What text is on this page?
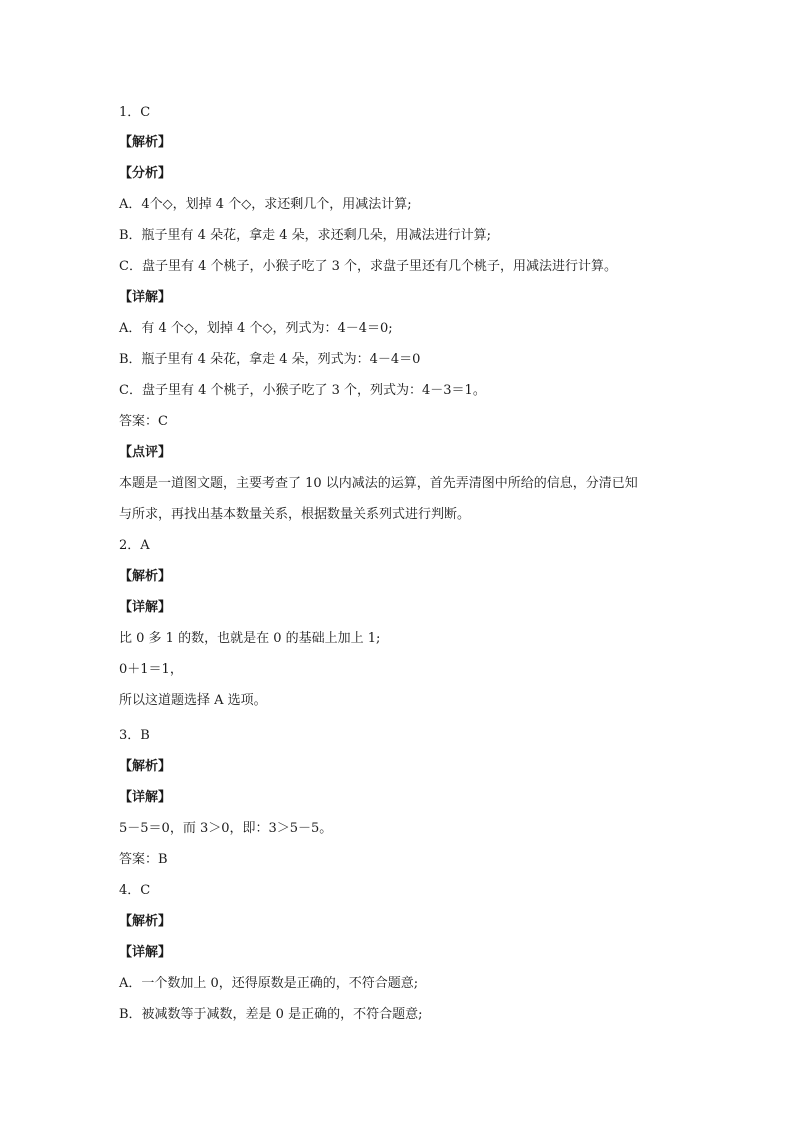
1．C
【解析】
【分析】
A．4个◇，划掉 4 个◇，求还剩几个，用减法计算;
B．瓶子里有 4 朵花，拿走 4 朵，求还剩几朵，用减法进行计算;
C．盘子里有 4 个桃子，小猴子吃了 3 个，求盘子里还有几个桃子，用减法进行计算。
【详解】
A．有 4 个◇，划掉 4 个◇，列式为：4－4＝0;
B．瓶子里有 4 朵花，拿走 4 朵，列式为：4－4＝0
C．盘子里有 4 个桃子，小猴子吃了 3 个，列式为：4－3＝1。
答案：C
【点评】
本题是一道图文题，主要考查了 10 以内减法的运算，首先弄清图中所给的信息，分清已知
与所求，再找出基本数量关系，根据数量关系列式进行判断。
2．A
【解析】
【详解】
比 0 多 1 的数，也就是在 0 的基础上加上 1;
0＋1＝1，
所以这道题选择 A 选项。
3．B
【解析】
【详解】
5－5＝0，而 3＞0，即：3＞5－5。
答案：B
4．C
【解析】
【详解】
A．一个数加上 0，还得原数是正确的，不符合题意;
B．被减数等于减数，差是 0 是正确的，不符合题意;
